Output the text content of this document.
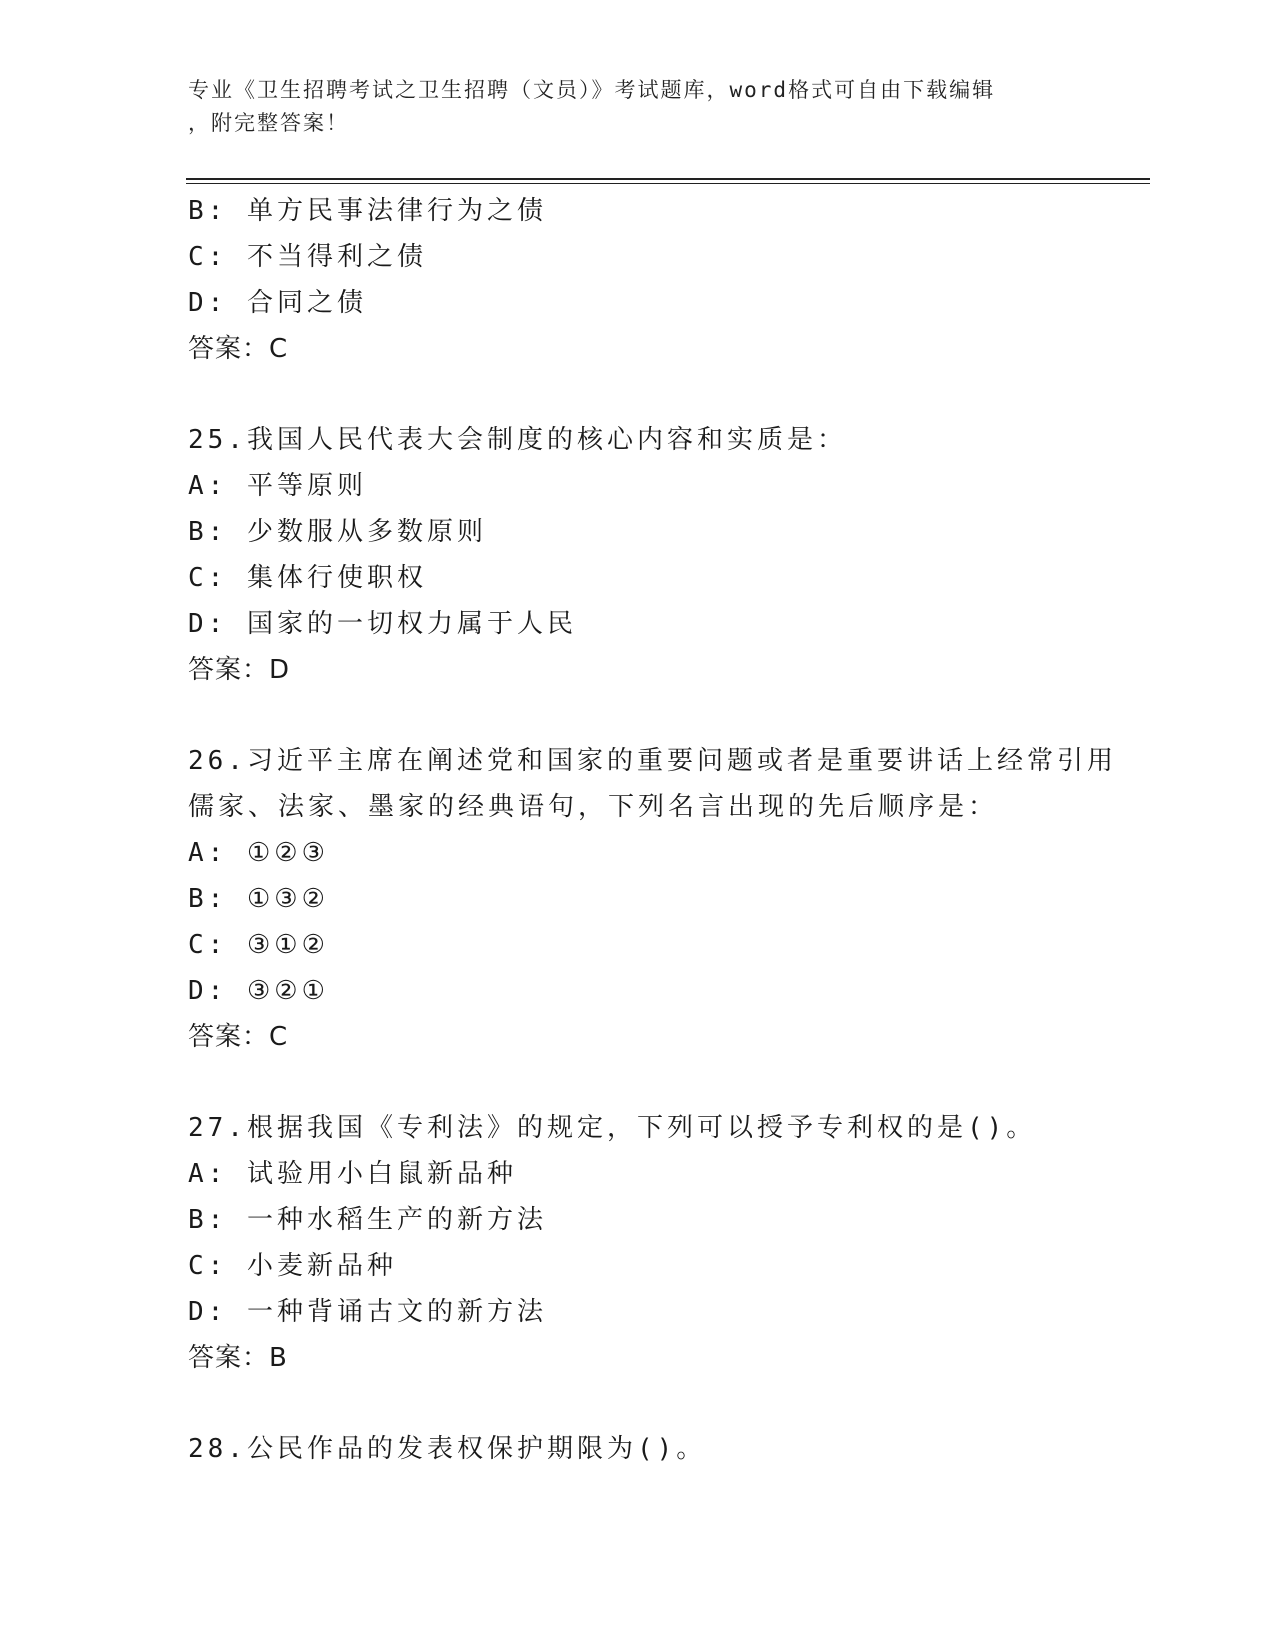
专业《卫生招聘考试之卫生招聘（文员）》考试题库，word格式可自由下载编辑
，附完整答案！
B: 单方民事法律行为之债
C: 不当得利之债
D: 合同之债
答案：C
25.我国人民代表大会制度的核心内容和实质是：
A: 平等原则
B: 少数服从多数原则
C: 集体行使职权
D: 国家的一切权力属于人民
答案：D
26.习近平主席在阐述党和国家的重要问题或者是重要讲话上经常引用
儒家、法家、墨家的经典语句，下列名言出现的先后顺序是：
A: ①②③
B: ①③②
C: ③①②
D: ③②①
答案：C
27.根据我国《专利法》的规定，下列可以授予专利权的是()。
A: 试验用小白鼠新品种
B: 一种水稻生产的新方法
C: 小麦新品种
D: 一种背诵古文的新方法
答案：B
28.公民作品的发表权保护期限为()。
